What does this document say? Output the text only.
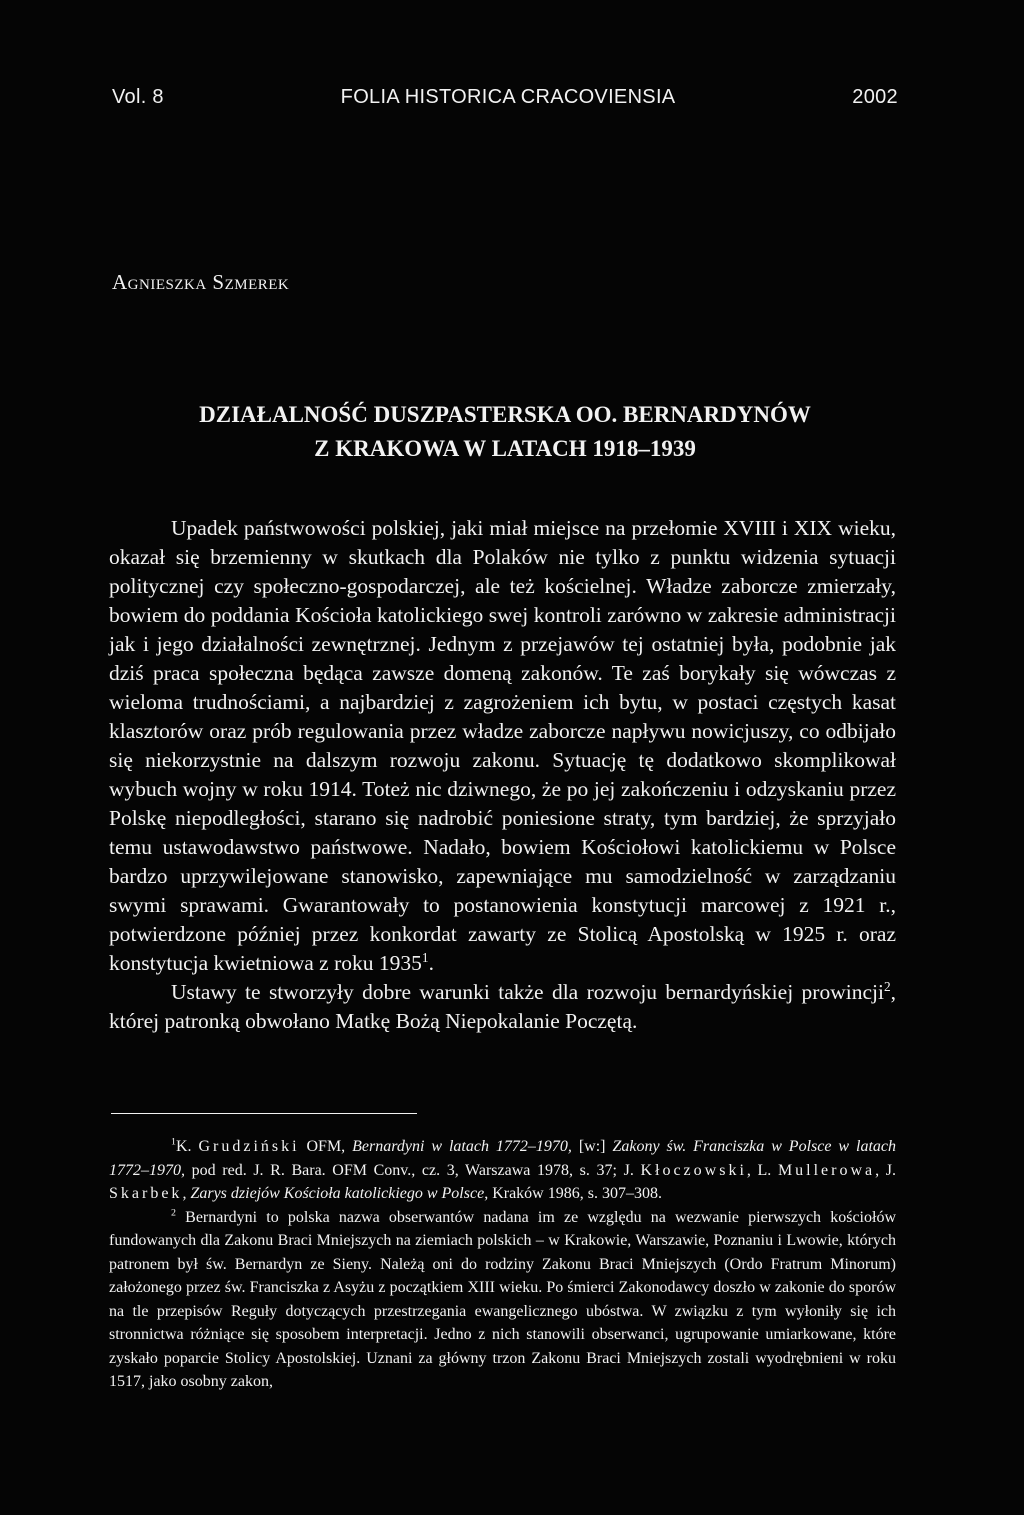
Vol. 8	FOLIA HISTORICA CRACOVIENSIA	2002
Agnieszka Szmerek
DZIAŁALNOŚĆ DUSZPASTERSKA OO. BERNARDYNÓW
Z KRAKOWA W LATACH 1918–1939

Upadek państwowości polskiej, jaki miał miejsce na przełomie XVIII i XIX wieku, okazał się brzemienny w skutkach dla Polaków nie tylko z punktu widzenia sytuacji politycznej czy społeczno-gospodarczej, ale też kościelnej. Władze zaborcze zmierzały, bowiem do poddania Kościoła katolickiego swej kontroli zarówno w zakresie administracji jak i jego działalności zewnętrznej. Jednym z przejawów tej ostatniej była, podobnie jak dziś praca społeczna będąca zawsze domeną zakonów. Te zaś borykały się wówczas z wieloma trudnościami, a najbardziej z zagrożeniem ich bytu, w postaci częstych kasat klasztorów oraz prób regulowania przez władze zaborcze napływu nowicjuszy, co odbijało się niekorzystnie na dalszym rozwoju zakonu. Sytuację tę dodatkowo skomplikował wybuch wojny w roku 1914. Toteż nic dziwnego, że po jej zakończeniu i odzyskaniu przez Polskę niepodległości, starano się nadrobić poniesione straty, tym bardziej, że sprzyjało temu ustawodawstwo państwowe. Nadało, bowiem Kościołowi katolickiemu w Polsce bardzo uprzywilejowane stanowisko, zapewniające mu samodzielność w zarządzaniu swymi sprawami. Gwarantowały to postanowienia konstytucji marcowej z 1921 r., potwierdzone później przez konkordat zawarty ze Stolicą Apostolską w 1925 r. oraz konstytucja kwietniowa z roku 1935$^1$.

Ustawy te stworzyły dobre warunki także dla rozwoju bernardyńskiej prowincji$^2$, której patronką obwołano Matkę Bożą Niepokalanie Poczętą.

$^1$K. Grudziński OFM, Bernardyni w latach 1772–1970, [w:] Zakony św. Franciszka w Polsce w latach 1772–1970, pod red. J. R. Bara. OFM Conv., cz. 3, Warszawa 1978, s. 37; J. Kłoczowski, L. Mullerowa, J. Skarbek, Zarys dziejów Kościoła katolickiego w Polsce, Kraków 1986, s. 307–308.

$^2$ Bernardyni to polska nazwa obserwantów nadana im ze względu na wezwanie pierwszych kościołów fundowanych dla Zakonu Braci Mniejszych na ziemiach polskich – w Krakowie, Warszawie, Poznaniu i Lwowie, których patronem był św. Bernardyn ze Sieny. Należą oni do rodziny Zakonu Braci Mniejszych (Ordo Fratrum Minorum) założonego przez św. Franciszka z Asyżu z początkiem XIII wieku. Po śmierci Zakonodawcy doszło w zakonie do sporów na tle przepisów Reguły dotyczących przestrzegania ewangelicznego ubóstwa. W związku z tym wyłoniły się ich stronnictwa różniące się sposobem interpretacji. Jedno z nich stanowili obserwanci, ugrupowanie umiarkowane, które zyskało poparcie Stolicy Apostolskiej. Uznani za główny trzon Zakonu Braci Mniejszych zostali wyodrębnieni w roku 1517, jako osobny zakon,
